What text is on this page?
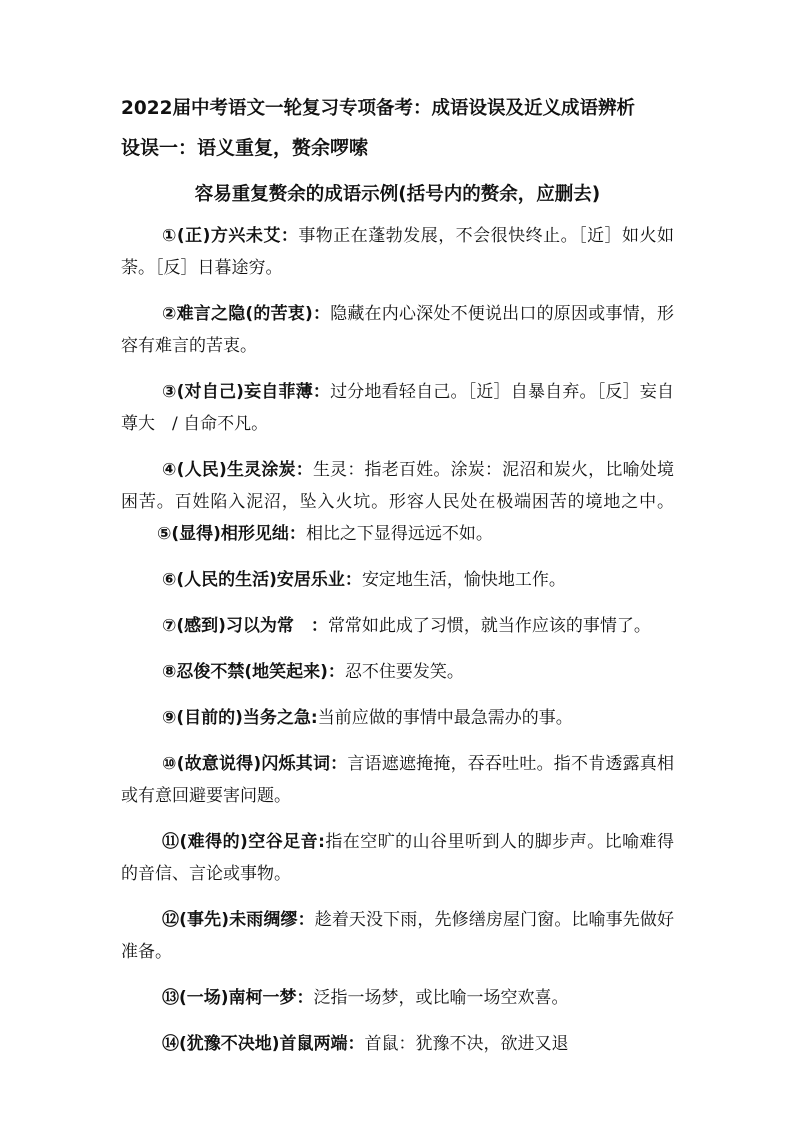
2022届中考语文一轮复习专项备考：成语设误及近义成语辨析
设误一：语义重复，赘余啰嗦
容易重复赘余的成语示例(括号内的赘余，应删去)

①(正)方兴未艾：事物正在蓬勃发展，不会很快终止。［近］如火如荼。［反］日暮途穷。

②难言之隐(的苦衷)：隐藏在内心深处不便说出口的原因或事情，形容有难言的苦衷。

③(对自己)妄自菲薄：过分地看轻自己。［近］自暴自弃。［反］妄自尊大　/ 自命不凡。

④(人民)生灵涂炭：生灵：指老百姓。涂炭：泥沼和炭火，比喻处境困苦。百姓陷入泥沼，坠入火坑。形容人民处在极端困苦的境地之中。⑤(显得)相形见绌：相比之下显得远远不如。

⑥(人民的生活)安居乐业：安定地生活，愉快地工作。

⑦(感到)习以为常　：常常如此成了习惯，就当作应该的事情了。

⑧忍俊不禁(地笑起来)：忍不住要发笑。

⑨(目前的)当务之急:当前应做的事情中最急需办的事。

⑩(故意说得)闪烁其词：言语遮遮掩掩，吞吞吐吐。指不肯透露真相或有意回避要害问题。

⑪(难得的)空谷足音:指在空旷的山谷里听到人的脚步声。比喻难得的音信、言论或事物。

⑫(事先)未雨绸缪：趁着天没下雨，先修缮房屋门窗。比喻事先做好准备。

⑬(一场)南柯一梦：泛指一场梦，或比喻一场空欢喜。

⑭(犹豫不决地)首鼠两端：首鼠：犹豫不决，欲进又退
